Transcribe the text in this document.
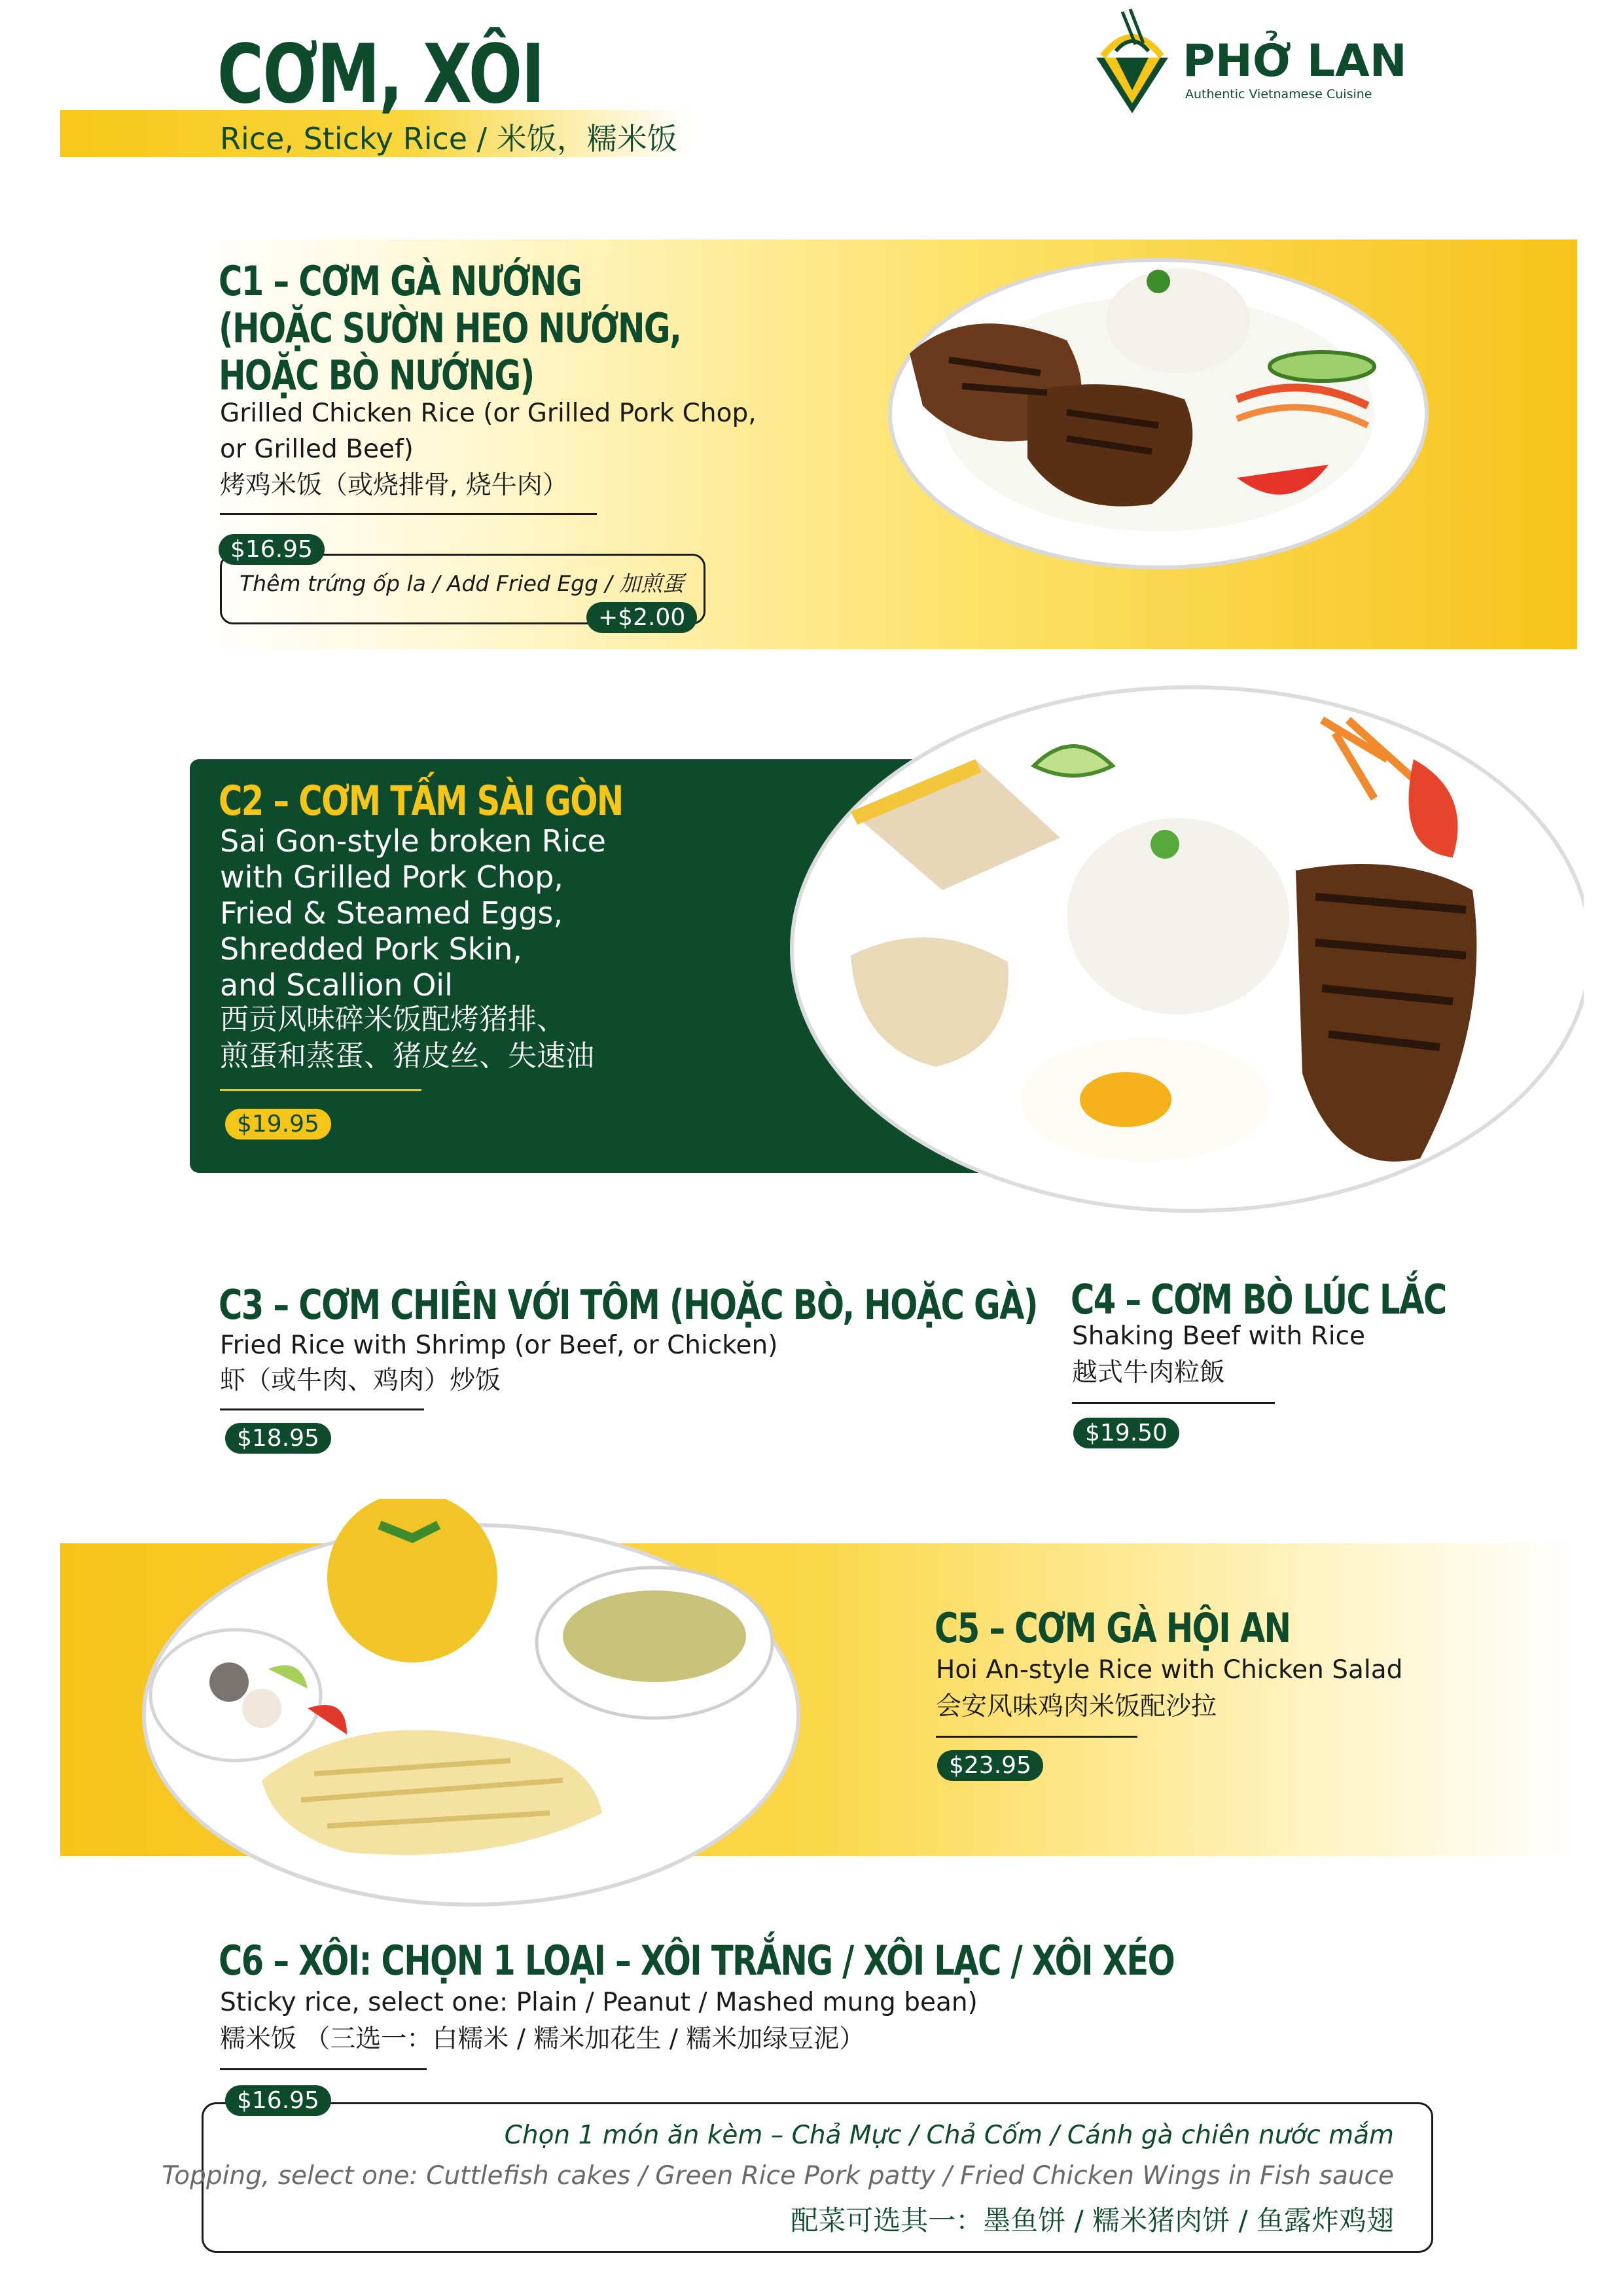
CƠM, XÔI
Rice, Sticky Rice / 米饭，糯米饭
PHỞ LAN
Authentic Vietnamese Cuisine
C1 – CƠM GÀ NƯỚNG
(HOẶC SƯỜN HEO NƯỚNG,
HOẶC BÒ NƯỚNG)
Grilled Chicken Rice (or Grilled Pork Chop,
or Grilled Beef)
烤鸡米饭（或烧排骨, 烧牛肉）
$16.95
Thêm trứng ốp la / Add Fried Egg / 加煎蛋
+$2.00
C2 – CƠM TẤM SÀI GÒN
Sai Gon-style broken Rice
with Grilled Pork Chop,
Fried & Steamed Eggs,
Shredded Pork Skin,
and Scallion Oil
西贡风味碎米饭配烤猪排、
煎蛋和蒸蛋、猪皮丝、失速油
$19.95
C3 – CƠM CHIÊN VỚI TÔM (HOẶC BÒ, HOẶC GÀ)
Fried Rice with Shrimp (or Beef, or Chicken)
虾（或牛肉、鸡肉）炒饭
$18.95
C4 – CƠM BÒ LÚC LẮC
Shaking Beef with Rice
越式牛肉粒飯
$19.50
C5 – CƠM GÀ HỘI AN
Hoi An-style Rice with Chicken Salad
会安风味鸡肉米饭配沙拉
$23.95
C6 – XÔI: CHỌN 1 LOẠI – XÔI TRẮNG / XÔI LẠC / XÔI XÉO
Sticky rice, select one: Plain / Peanut / Mashed mung bean)
糯米饭 （三选一：白糯米 / 糯米加花生 / 糯米加绿豆泥）
$16.95
Chọn 1 món ăn kèm – Chả Mực / Chả Cốm / Cánh gà chiên nước mắm
Topping, select one: Cuttlefish cakes / Green Rice Pork patty / Fried Chicken Wings in Fish sauce
配菜可选其一：墨鱼饼 / 糯米猪肉饼 / 鱼露炸鸡翅
